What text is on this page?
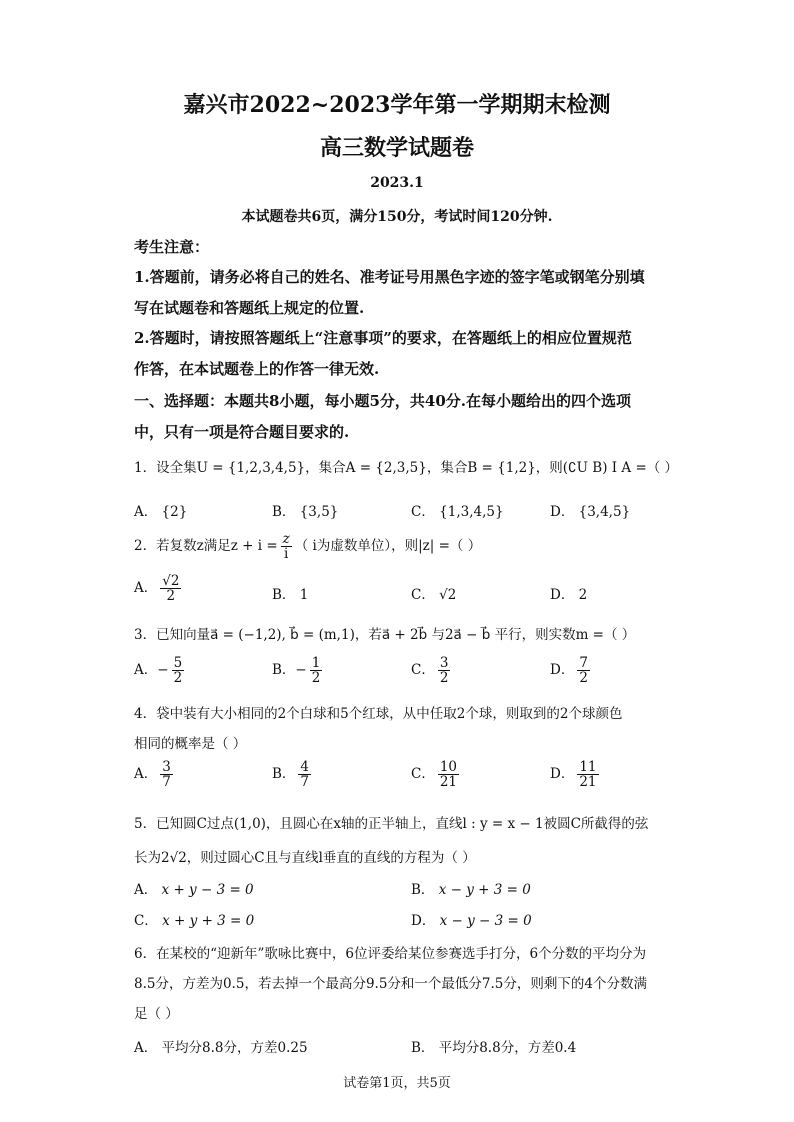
嘉兴市2022~2023学年第一学期期末检测
高三数学试题卷
2023.1
本试题卷共6页，满分150分，考试时间120分钟.
考生注意：
1.答题前，请务必将自己的姓名、准考证号用黑色字迹的签字笔或钢笔分别填
写在试题卷和答题纸上规定的位置.
2.答题时，请按照答题纸上“注意事项”的要求，在答题纸上的相应位置规范
作答，在本试题卷上的作答一律无效.
一、选择题：本题共8小题，每小题5分，共40分.在每小题给出的四个选项
中，只有一项是符合题目要求的.
1．设全集U = {1,2,3,4,5}，集合A = {2,3,5}，集合B = {1,2}，则(∁U B) I A =（ ）
A． {2}	B． {3,5}	C． {1,3,4,5}	D． {3,4,5}
2．若复数z满足$z + i = \frac{z}{i}$ （ i为虚数单位），则|z| =（ ）
A． $\frac{√2}{2}$	B． 1	C． √2	D． 2
3．已知向量a⃗ = (−1,2), b⃗ = (m,1)，若a⃗ + 2b⃗ 与2a⃗ − b⃗ 平行，则实数m =（ ）
A．− $\frac{5}{2}$	B．− $\frac{1}{2}$	C． $\frac{3}{2}$	D． $\frac{7}{2}$
4．袋中装有大小相同的2个白球和5个红球，从中任取2个球，则取到的2个球颜色
相同的概率是（ ）
A． $\frac{3}{7}$	B． $\frac{4}{7}$	C． $\frac{10}{21}$	D． $\frac{11}{21}$
5．已知圆C过点(1,0)，且圆心在x轴的正半轴上，直线l : y = x − 1被圆C所截得的弦
长为2√2，则过圆心C且与直线l垂直的直线的方程为（ ）
A． x + y − 3 = 0	B． x − y + 3 = 0
C． x + y + 3 = 0	D． x − y − 3 = 0
6．在某校的“迎新年”歌咏比赛中，6位评委给某位参赛选手打分，6个分数的平均分为
8.5分，方差为0.5，若去掉一个最高分9.5分和一个最低分7.5分，则剩下的4个分数满
足（ ）
A． 平均分8.8分，方差0.25	B． 平均分8.8分，方差0.4
试卷第1页，共5页
